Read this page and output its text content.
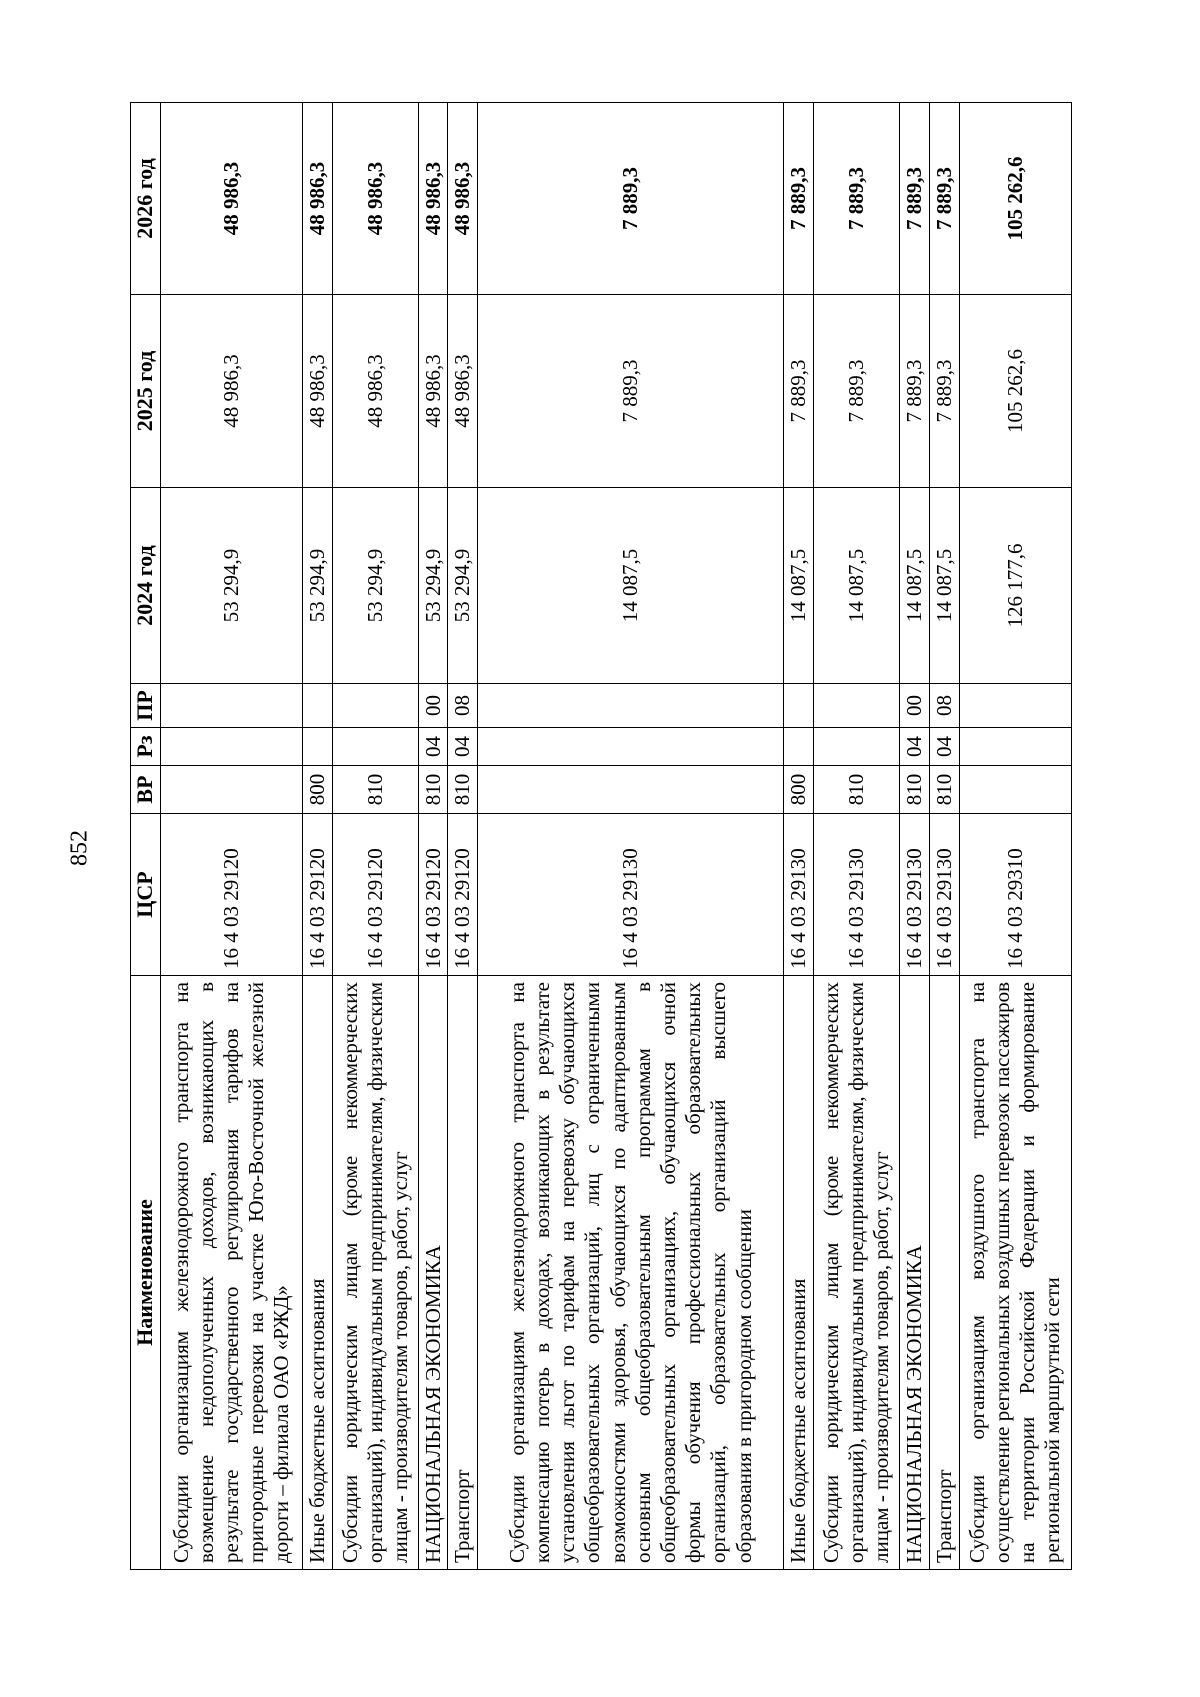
852
Наименование	ЦСР	ВР	Рз	ПР	2024 год	2025 год	2026 год
Субсидии организациям железнодорожного транспорта на возмещение недополученных доходов, возникающих в результате государственного регулирования тарифов на пригородные перевозки на участке Юго-Восточной железной дороги – филиала ОАО «РЖД»	16 4 03 29120				53 294,9	48 986,3	48 986,3
Иные бюджетные ассигнования	16 4 03 29120	800			53 294,9	48 986,3	48 986,3
Субсидии юридическим лицам (кроме некоммерческих организаций), индивидуальным предпринимателям, физическим лицам - производителям товаров, работ, услуг	16 4 03 29120	810			53 294,9	48 986,3	48 986,3
НАЦИОНАЛЬНАЯ ЭКОНОМИКА	16 4 03 29120	810	04	00	53 294,9	48 986,3	48 986,3
Транспорт	16 4 03 29120	810	04	08	53 294,9	48 986,3	48 986,3
Субсидии организациям железнодорожного транспорта на компенсацию потерь в доходах, возникающих в результате установления льгот по тарифам на перевозку обучающихся общеобразовательных организаций, лиц с ограниченными возможностями здоровья, обучающихся по адаптированным основным общеобразовательным программам в общеобразовательных организациях, обучающихся очной формы обучения профессиональных образовательных организаций, образовательных организаций высшего образования в пригородном сообщении	16 4 03 29130				14 087,5	7 889,3	7 889,3
Иные бюджетные ассигнования	16 4 03 29130	800			14 087,5	7 889,3	7 889,3
Субсидии юридическим лицам (кроме некоммерческих организаций), индивидуальным предпринимателям, физическим лицам - производителям товаров, работ, услуг	16 4 03 29130	810			14 087,5	7 889,3	7 889,3
НАЦИОНАЛЬНАЯ ЭКОНОМИКА	16 4 03 29130	810	04	00	14 087,5	7 889,3	7 889,3
Транспорт	16 4 03 29130	810	04	08	14 087,5	7 889,3	7 889,3
Субсидии организациям воздушного транспорта на осуществление региональных воздушных перевозок пассажиров на территории Российской Федерации и формирование региональной маршрутной сети	16 4 03 29310				126 177,6	105 262,6	105 262,6
